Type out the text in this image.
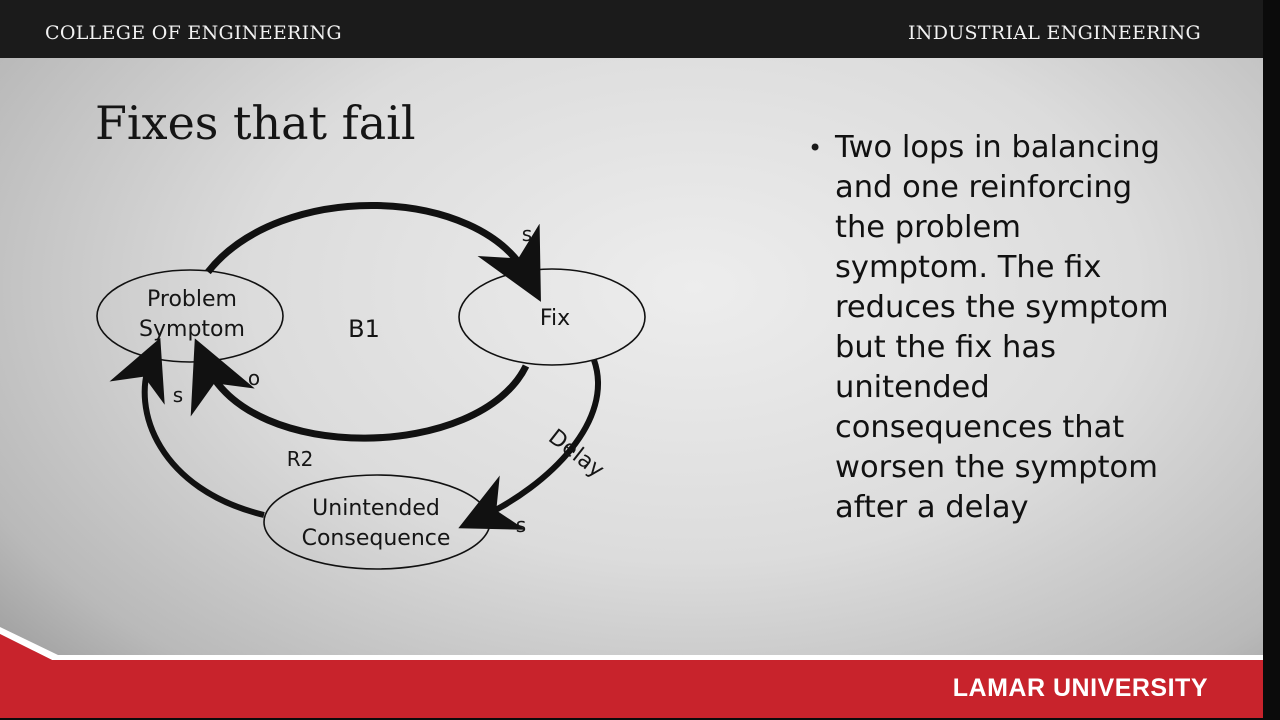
COLLEGE OF ENGINEERING	INDUSTRIAL ENGINEERING
Fixes that fail
Problem
Symptom	Fix
Unintended
Consequence
B1
R2
s
o
s
s
Delay
• Two lops in balancing and one reinforcing the problem symptom. The fix reduces the symptom but the fix has unitended consequences that worsen the symptom after a delay
LAMAR UNIVERSITY
